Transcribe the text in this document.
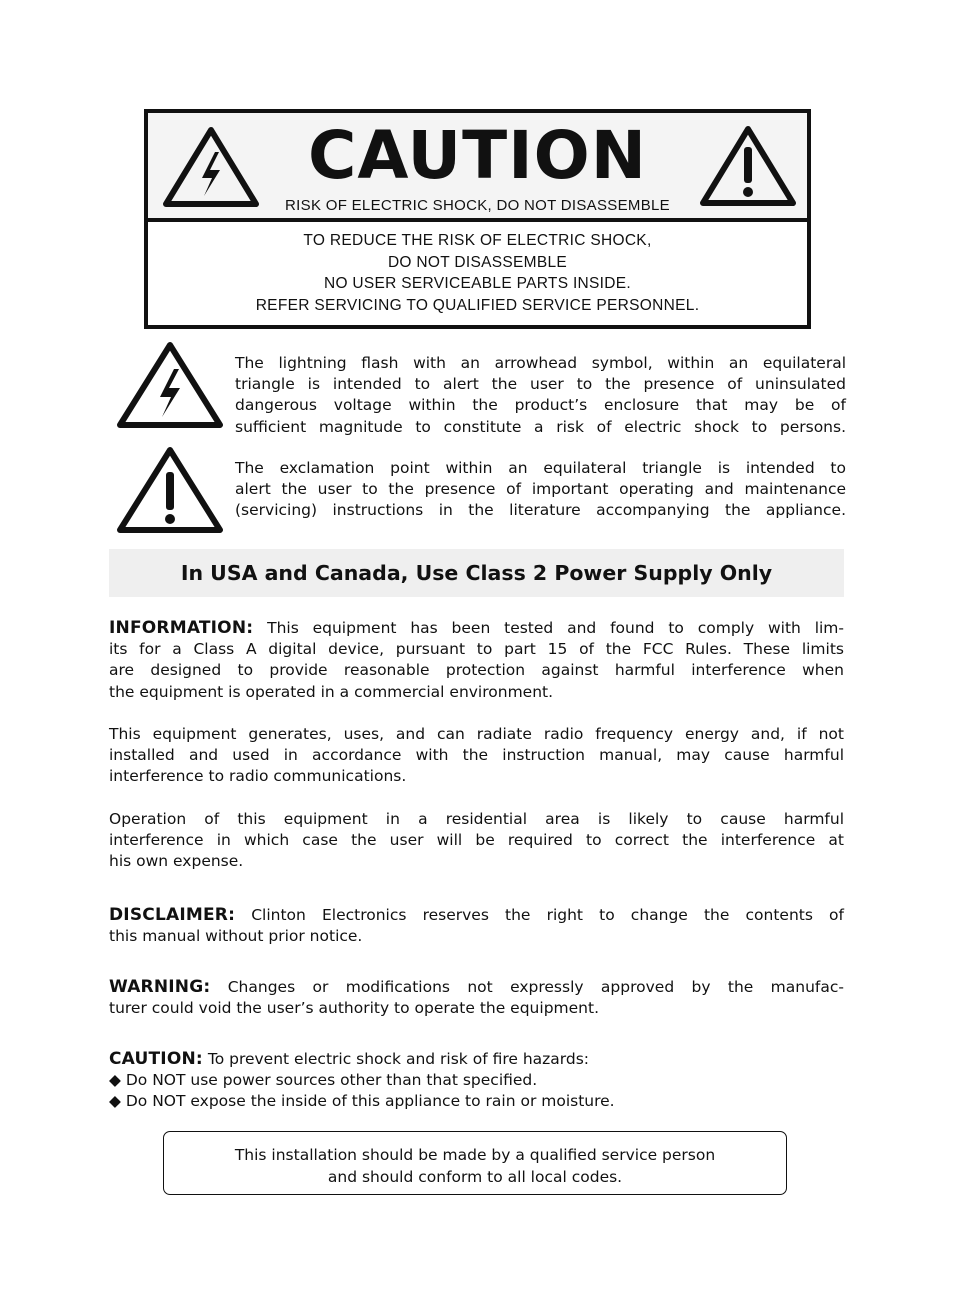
CAUTION
RISK OF ELECTRIC SHOCK, DO NOT DISASSEMBLE
TO REDUCE THE RISK OF ELECTRIC SHOCK,
DO NOT DISASSEMBLE
NO USER SERVICEABLE PARTS INSIDE.
REFER SERVICING TO QUALIFIED SERVICE PERSONNEL.
The lightning flash with an arrowhead symbol, within an equilateral
triangle is intended to alert the user to the presence of uninsulated
dangerous voltage within the product’s enclosure that may be of
sufficient magnitude to constitute a risk of electric shock to persons.
The exclamation point within an equilateral triangle is intended to
alert the user to the presence of important operating and maintenance
(servicing) instructions in the literature accompanying the appliance.
In USA and Canada, Use Class 2 Power Supply Only
INFORMATION: This equipment has been tested and found to comply with lim-
its for a Class A digital device, pursuant to part 15 of the FCC Rules. These limits
are designed to provide reasonable protection against harmful interference when
the equipment is operated in a commercial environment.
This equipment generates, uses, and can radiate radio frequency energy and, if not
installed and used in accordance with the instruction manual, may cause harmful
interference to radio communications.
Operation of this equipment in a residential area is likely to cause harmful
interference in which case the user will be required to correct the interference at
his own expense.
DISCLAIMER: Clinton Electronics reserves the right to change the contents of
this manual without prior notice.
WARNING: Changes or modifications not expressly approved by the manufac-
turer could void the user’s authority to operate the equipment.
CAUTION: To prevent electric shock and risk of fire hazards:
◆ Do NOT use power sources other than that specified.
◆ Do NOT expose the inside of this appliance to rain or moisture.
This installation should be made by a qualified service person
and should conform to all local codes.
